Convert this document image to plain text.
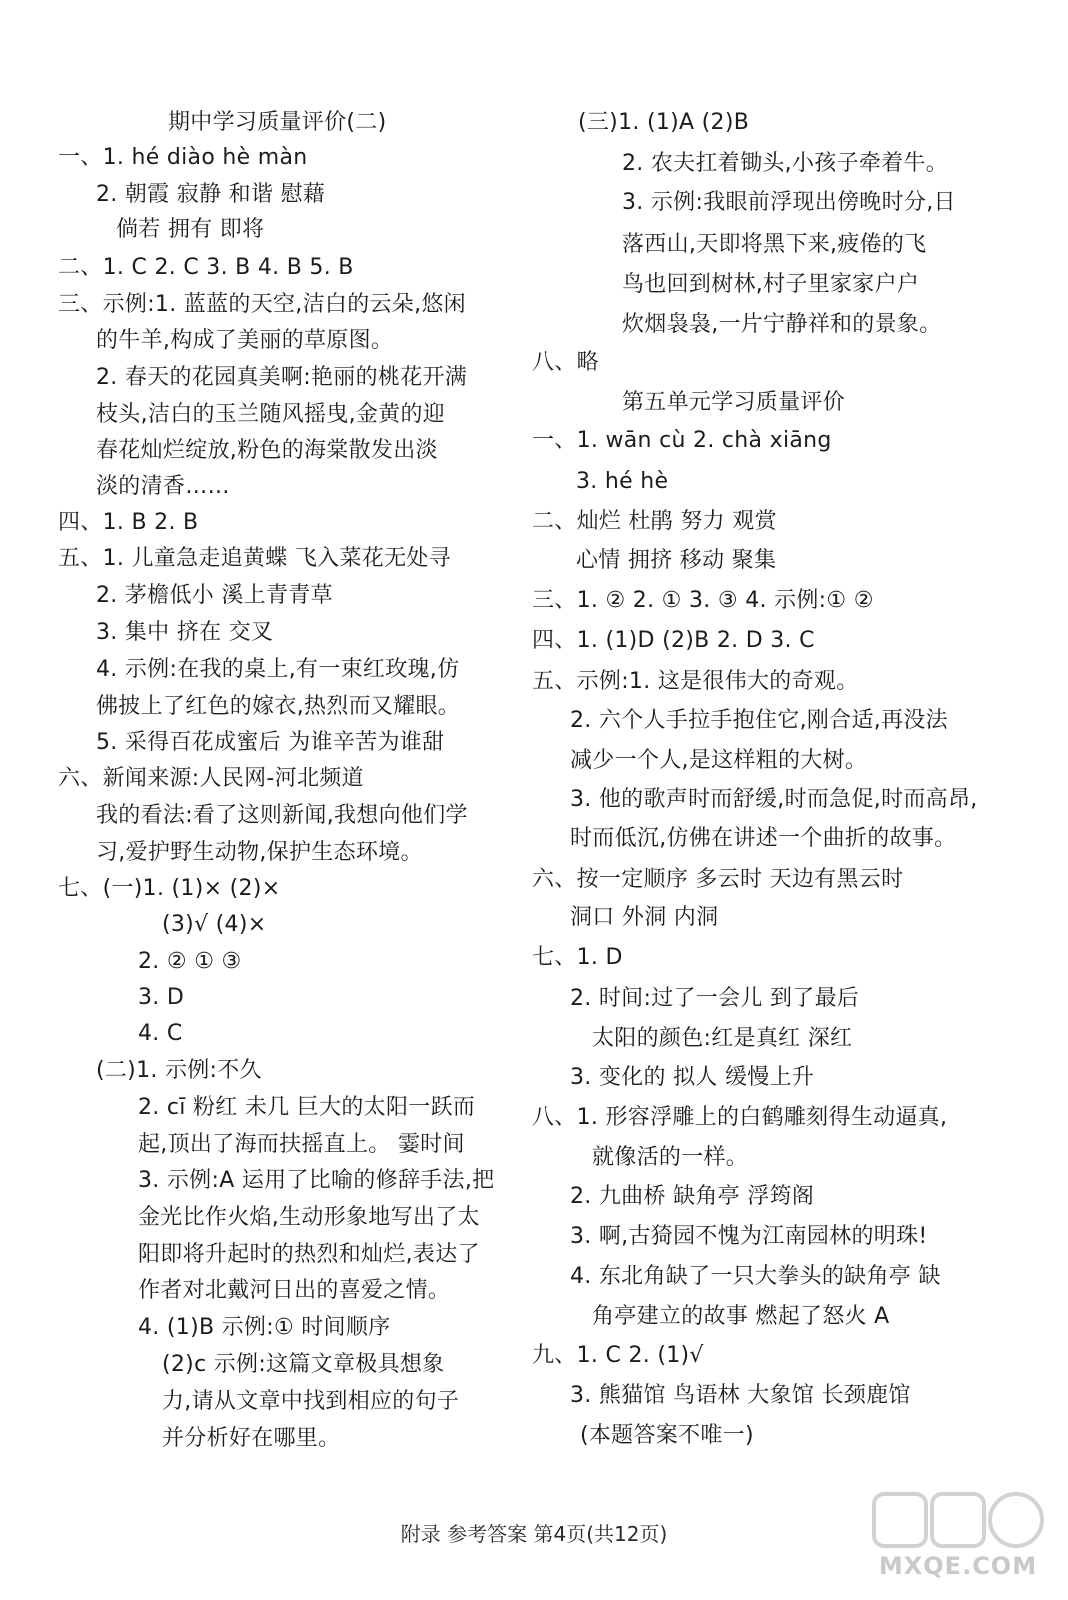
期中学习质量评价(二)
一、1. hé diào hè màn
2. 朝霞 寂静 和谐 慰藉
倘若 拥有 即将
二、1. C 2. C 3. B 4. B 5. B
三、示例:1. 蓝蓝的天空,洁白的云朵,悠闲
的牛羊,构成了美丽的草原图。
2. 春天的花园真美啊:艳丽的桃花开满
枝头,洁白的玉兰随风摇曳,金黄的迎
春花灿烂绽放,粉色的海棠散发出淡
淡的清香……
四、1. B 2. B
五、1. 儿童急走追黄蝶 飞入菜花无处寻
2. 茅檐低小 溪上青青草
3. 集中 挤在 交叉
4. 示例:在我的桌上,有一束红玫瑰,仿
佛披上了红色的嫁衣,热烈而又耀眼。
5. 采得百花成蜜后 为谁辛苦为谁甜
六、新闻来源:人民网-河北频道
我的看法:看了这则新闻,我想向他们学
习,爱护野生动物,保护生态环境。
七、(一)1. (1)× (2)×
(3)√ (4)×
2. ② ① ③
3. D
4. C
(二)1. 示例:不久
2. cī 粉红 未几 巨大的太阳一跃而
起,顶出了海而扶摇直上。 霎时间
3. 示例:A 运用了比喻的修辞手法,把
金光比作火焰,生动形象地写出了太
阳即将升起时的热烈和灿烂,表达了
作者对北戴河日出的喜爱之情。
4. (1)B 示例:① 时间顺序
(2)c 示例:这篇文章极具想象
力,请从文章中找到相应的句子
并分析好在哪里。
(三)1. (1)A (2)B
2. 农夫扛着锄头,小孩子牵着牛。
3. 示例:我眼前浮现出傍晚时分,日
落西山,天即将黑下来,疲倦的飞
鸟也回到树林,村子里家家户户
炊烟袅袅,一片宁静祥和的景象。
八、略
第五单元学习质量评价
一、1. wān cù 2. chà xiāng
3. hé hè
二、灿烂 杜鹃 努力 观赏
心情 拥挤 移动 聚集
三、1. ② 2. ① 3. ③ 4. 示例:① ②
四、1. (1)D (2)B 2. D 3. C
五、示例:1. 这是很伟大的奇观。
2. 六个人手拉手抱住它,刚合适,再没法
减少一个人,是这样粗的大树。
3. 他的歌声时而舒缓,时而急促,时而高昂,
时而低沉,仿佛在讲述一个曲折的故事。
六、按一定顺序 多云时 天边有黑云时
洞口 外洞 内洞
七、1. D
2. 时间:过了一会儿 到了最后
太阳的颜色:红是真红 深红
3. 变化的 拟人 缓慢上升
八、1. 形容浮雕上的白鹤雕刻得生动逼真,
就像活的一样。
2. 九曲桥 缺角亭 浮筠阁
3. 啊,古猗园不愧为江南园林的明珠!
4. 东北角缺了一只大拳头的缺角亭 缺
角亭建立的故事 燃起了怒火 A
九、1. C 2. (1)√
3. 熊猫馆 鸟语林 大象馆 长颈鹿馆
(本题答案不唯一)
附录 参考答案 第4页(共12页)
MXQE.COM
